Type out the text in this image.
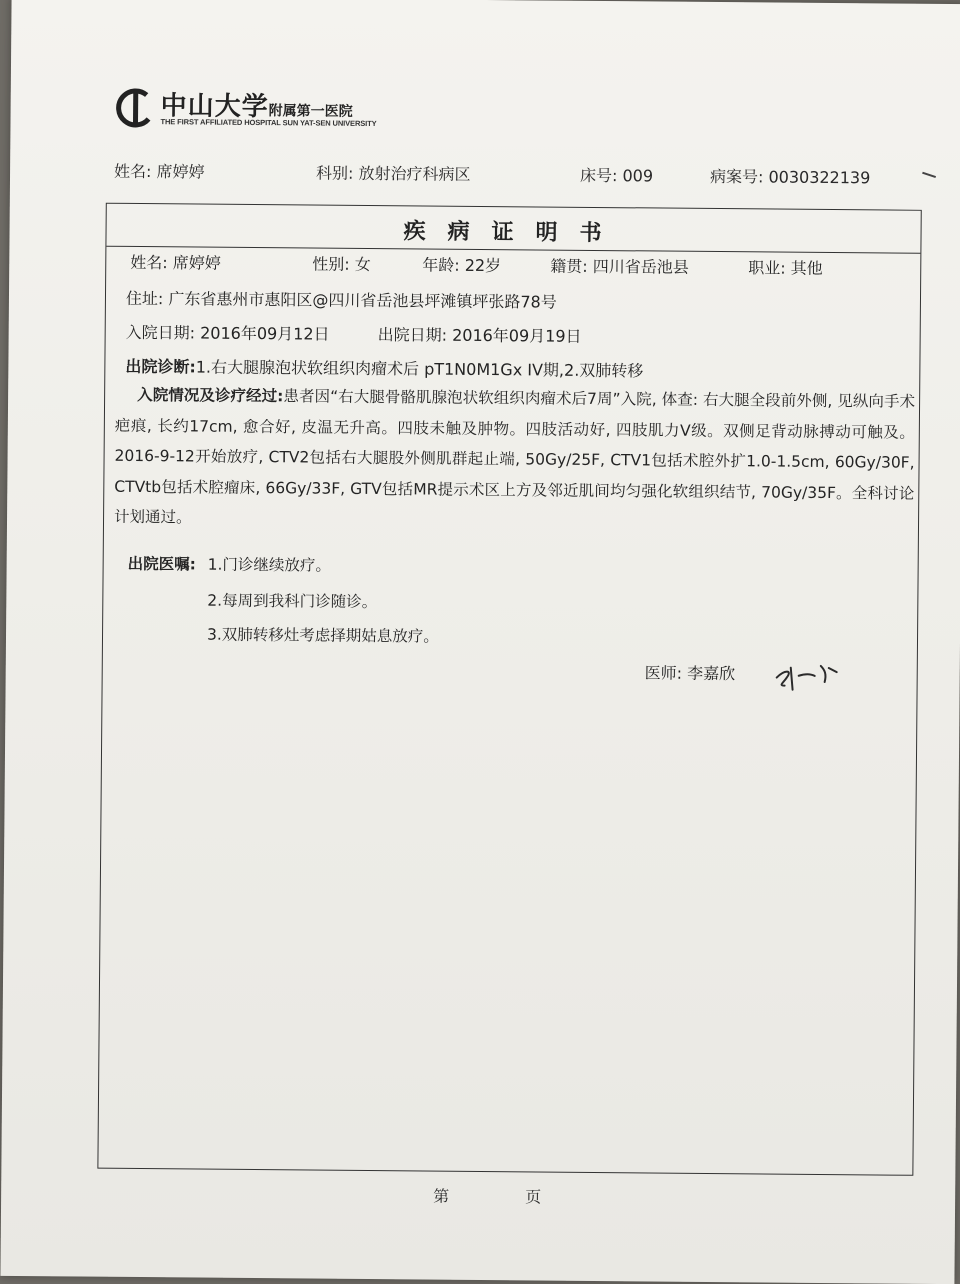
中山大学附属第一医院
THE FIRST AFFILIATED HOSPITAL SUN YAT-SEN UNIVERSITY
姓名: 席婷婷	科别: 放射治疗科病区	床号: 009	病案号: 0030322139
疾病证明书
姓名: 席婷婷	性别: 女	年龄: 22岁	籍贯: 四川省岳池县	职业: 其他
住址: 广东省惠州市惠阳区@四川省岳池县坪滩镇坪张路78号
入院日期: 2016年09月12日	出院日期: 2016年09月19日
出院诊断:1.右大腿腺泡状软组织肉瘤术后 pT1N0M1Gx IV期,2.双肺转移
入院情况及诊疗经过:患者因“右大腿骨骼肌腺泡状软组织肉瘤术后7周”入院, 体查: 右大腿全段前外侧, 见纵向手术疤痕, 长约17cm, 愈合好, 皮温无升高。四肢未触及肿物。四肢活动好, 四肢肌力V级。双侧足背动脉搏动可触及。2016-9-12开始放疗, CTV2包括右大腿股外侧肌群起止端, 50Gy/25F, CTV1包括术腔外扩1.0-1.5cm, 60Gy/30F, CTVtb包括术腔瘤床, 66Gy/33F, GTV包括MR提示术区上方及邻近肌间均匀强化软组织结节, 70Gy/35F。全科讨论计划通过。
出院医嘱: 1.门诊继续放疗。
2.每周到我科门诊随诊。
3.双肺转移灶考虑择期姑息放疗。
医师: 李嘉欣
第	页
